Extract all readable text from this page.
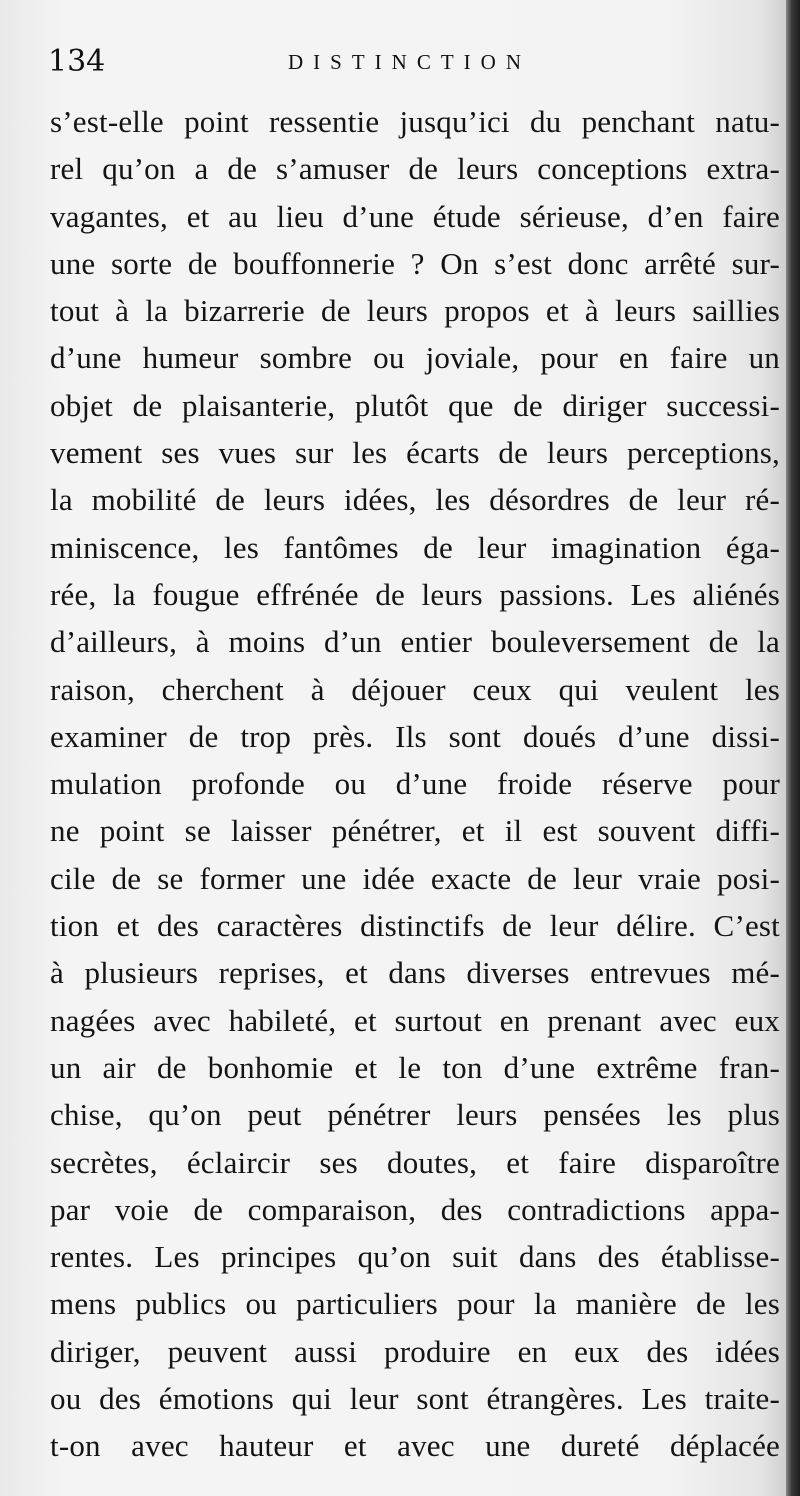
134	DISTINCTION
s’est-elle point ressentie jusqu’ici du penchant natu-
rel qu’on a de s’amuser de leurs conceptions extra-
vagantes, et au lieu d’une étude sérieuse, d’en faire
une sorte de bouffonnerie ? On s’est donc arrêté sur-
tout à la bizarrerie de leurs propos et à leurs saillies
d’une humeur sombre ou joviale, pour en faire un
objet de plaisanterie, plutôt que de diriger successi-
vement ses vues sur les écarts de leurs perceptions,
la mobilité de leurs idées, les désordres de leur ré-
miniscence, les fantômes de leur imagination éga-
rée, la fougue effrénée de leurs passions. Les aliénés
d’ailleurs, à moins d’un entier bouleversement de la
raison, cherchent à déjouer ceux qui veulent les
examiner de trop près. Ils sont doués d’une dissi-
mulation profonde ou d’une froide réserve pour
ne point se laisser pénétrer, et il est souvent diffi-
cile de se former une idée exacte de leur vraie posi-
tion et des caractères distinctifs de leur délire. C’est
à plusieurs reprises, et dans diverses entrevues mé-
nagées avec habileté, et surtout en prenant avec eux
un air de bonhomie et le ton d’une extrême fran-
chise, qu’on peut pénétrer leurs pensées les plus
secrètes, éclaircir ses doutes, et faire disparoître
par voie de comparaison, des contradictions appa-
rentes. Les principes qu’on suit dans des établisse-
mens publics ou particuliers pour la manière de les
diriger, peuvent aussi produire en eux des idées
ou des émotions qui leur sont étrangères. Les traite-
t-on avec hauteur et avec une dureté déplacée
